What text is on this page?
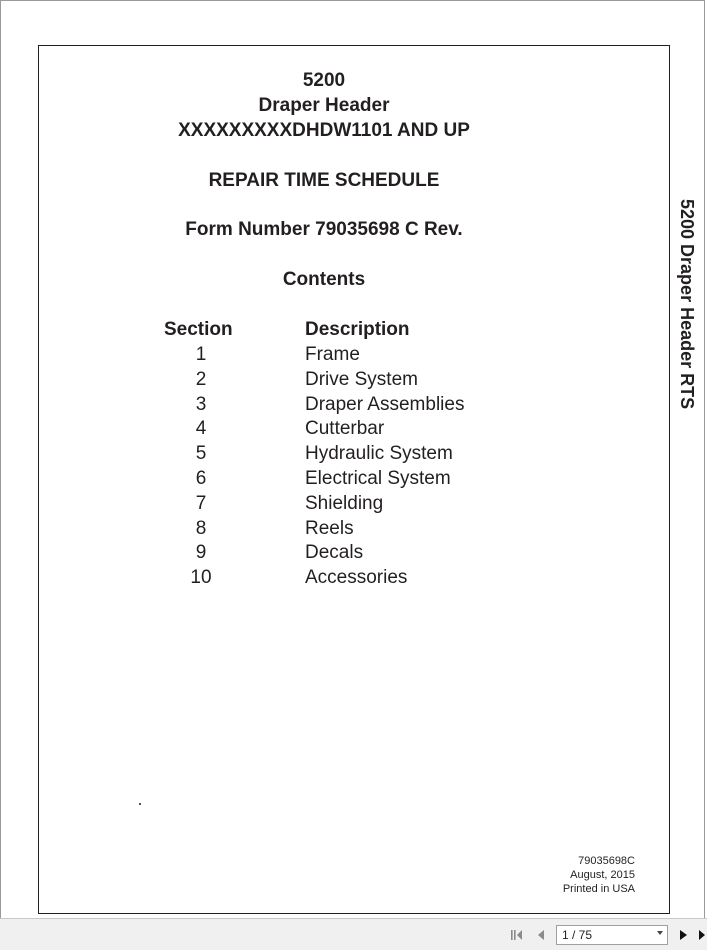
5200
Draper Header
XXXXXXXXXDHDW1101 AND UP
REPAIR TIME SCHEDULE
Form Number 79035698 C Rev.
Contents
Section	Description
1	Frame
2	Drive System
3	Draper Assemblies
4	Cutterbar
5	Hydraulic System
6	Electrical System
7	Shielding
8	Reels
9	Decals
10	Accessories
5200 Draper Header RTS
79035698C
August, 2015
Printed in USA
1 / 75
